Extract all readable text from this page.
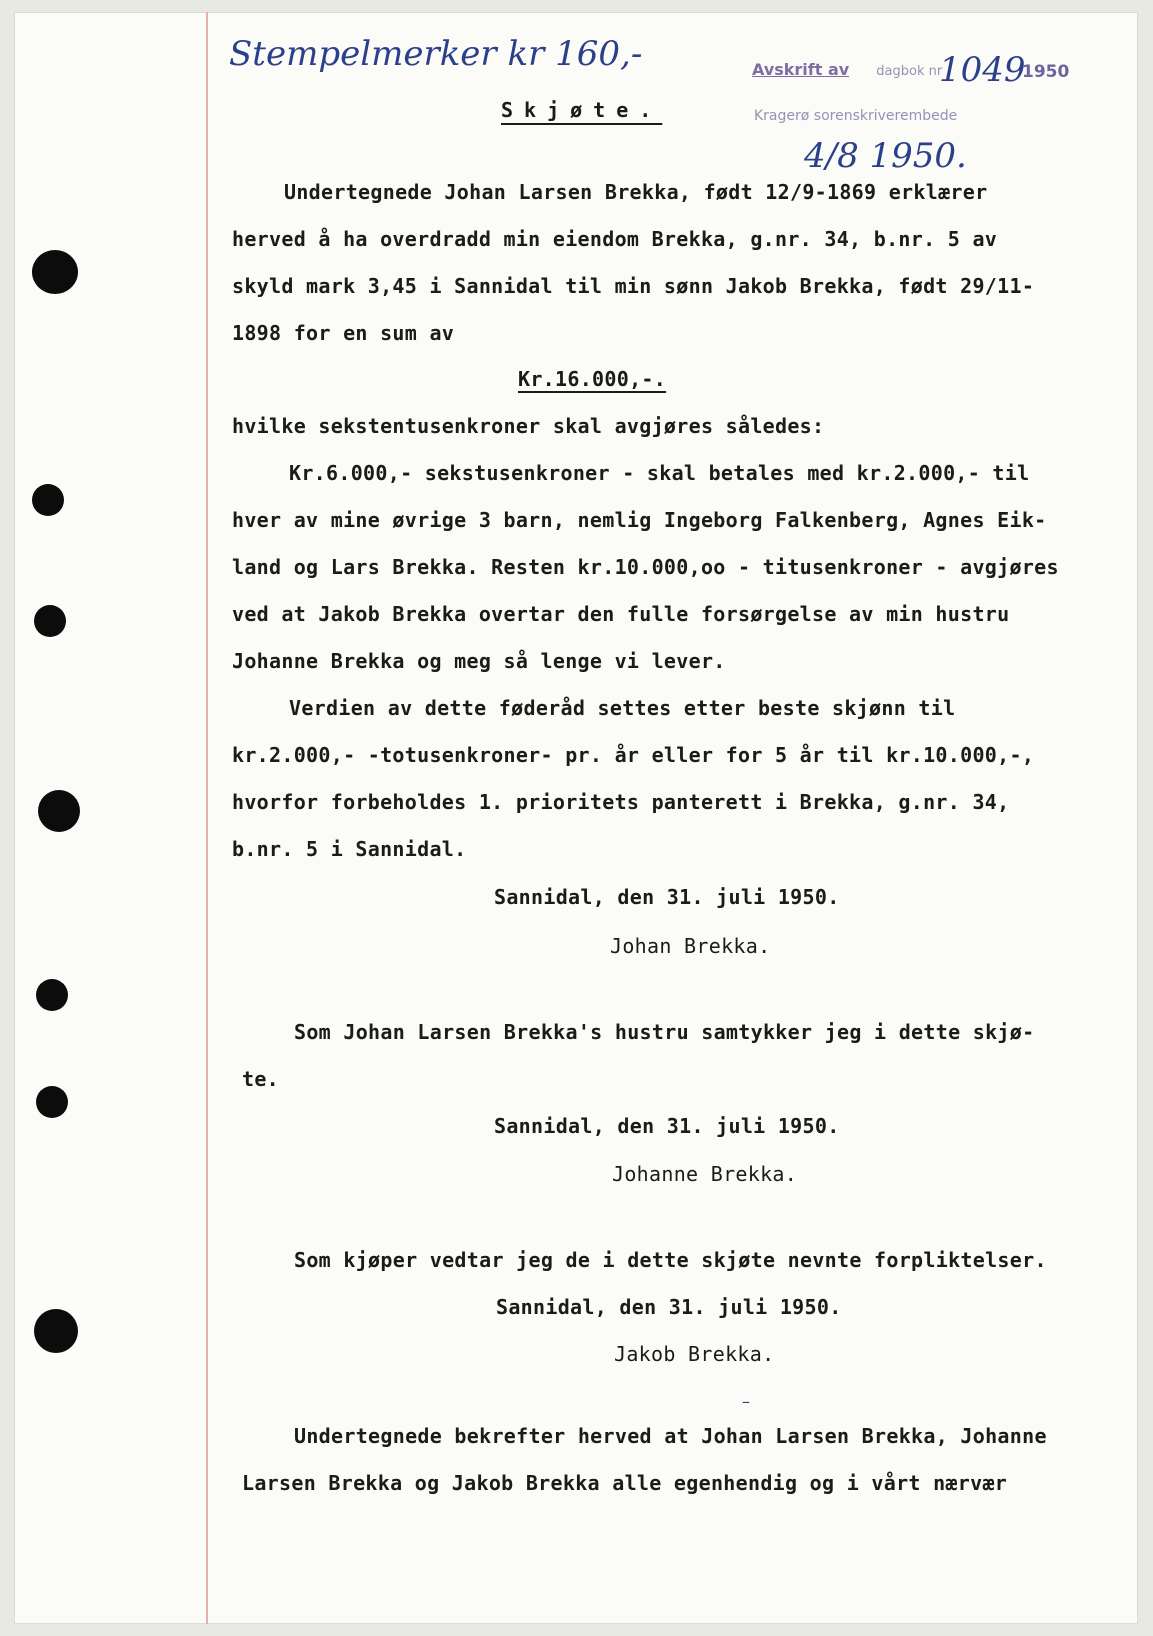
Stempelmerker kr 160,-	Avskrift av dagbok nr
1049
1950
Kragerø sorenskriverembede
4/8 1950.
Skjøte.
Undertegnede Johan Larsen Brekka, født 12/9-1869 erklærer
herved å ha overdradd min eiendom Brekka, g.nr. 34, b.nr. 5 av
skyld mark 3,45 i Sannidal til min sønn Jakob Brekka, født 29/11-
1898 for en sum av
Kr.16.000,-.
hvilke sekstentusenkroner skal avgjøres således:
Kr.6.000,- sekstusenkroner - skal betales med kr.2.000,- til
hver av mine øvrige 3 barn, nemlig Ingeborg Falkenberg, Agnes Eik-
land og Lars Brekka. Resten kr.10.000,oo - titusenkroner - avgjøres
ved at Jakob Brekka overtar den fulle forsørgelse av min hustru
Johanne Brekka og meg så lenge vi lever.
Verdien av dette føderåd settes etter beste skjønn til
kr.2.000,- -totusenkroner- pr. år eller for 5 år til kr.10.000,-,
hvorfor forbeholdes 1. prioritets panterett i Brekka, g.nr. 34,
b.nr. 5 i Sannidal.
Sannidal, den 31. juli 1950.
Johan Brekka.
Som Johan Larsen Brekka's hustru samtykker jeg i dette skjø-
te.
Sannidal, den 31. juli 1950.
Johanne Brekka.
Som kjøper vedtar jeg de i dette skjøte nevnte forpliktelser.
Sannidal, den 31. juli 1950.
Jakob Brekka.
–
Undertegnede bekrefter herved at Johan Larsen Brekka, Johanne
Larsen Brekka og Jakob Brekka alle egenhendig og i vårt nærvær
